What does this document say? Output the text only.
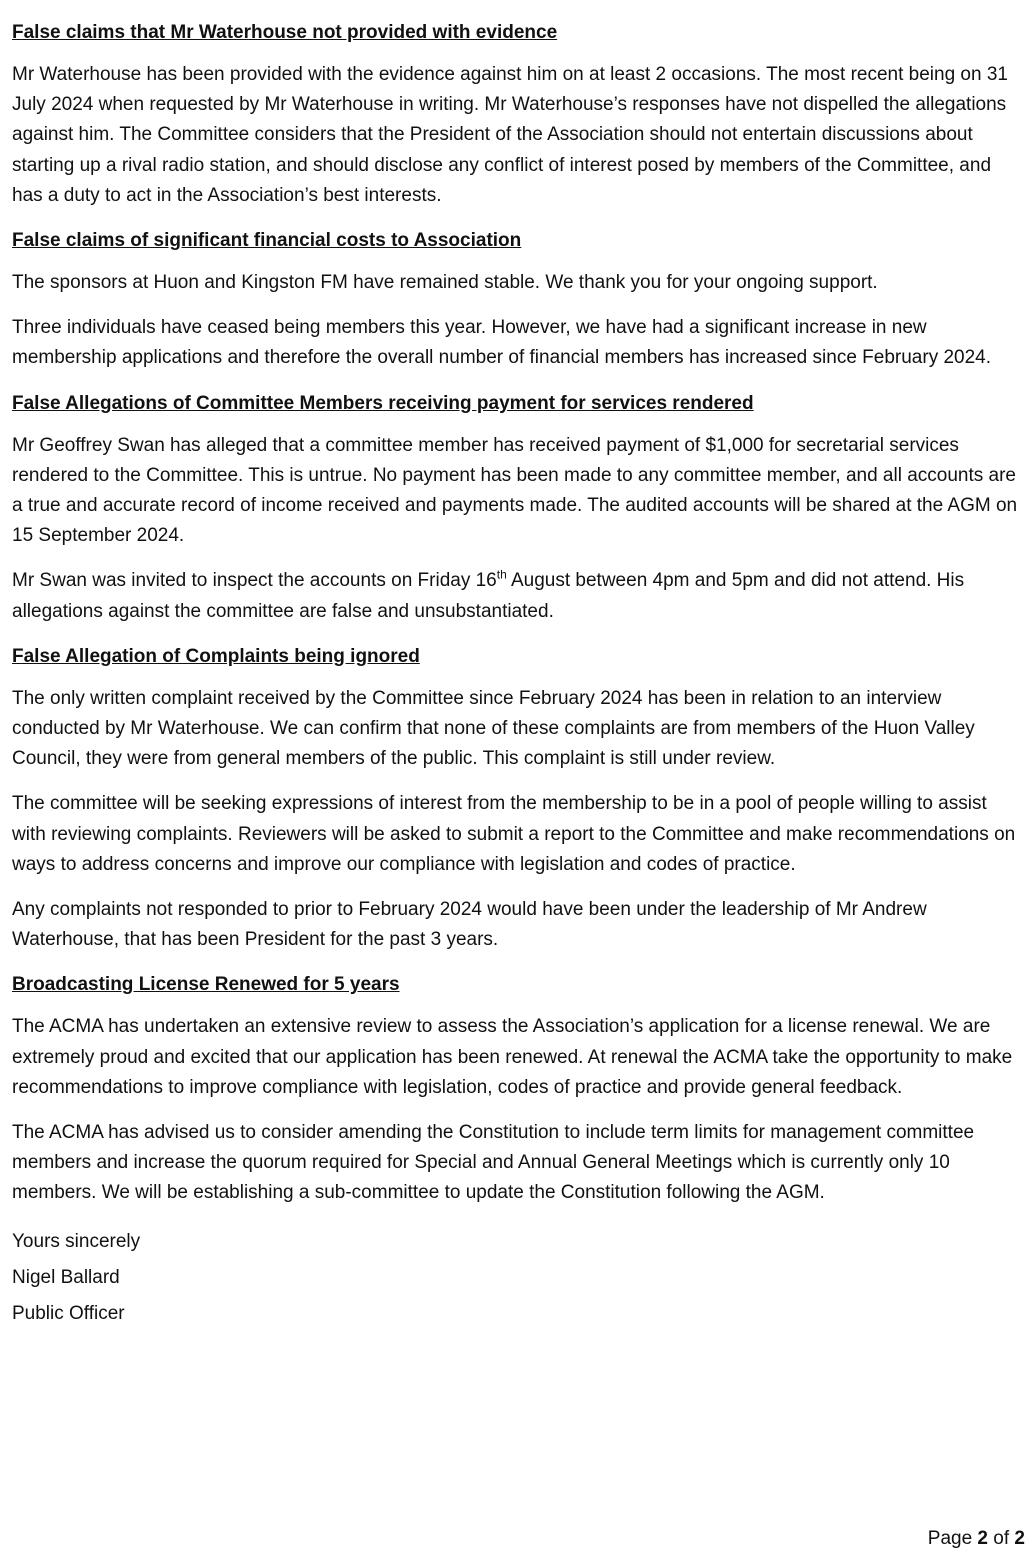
False claims that Mr Waterhouse not provided with evidence

Mr Waterhouse has been provided with the evidence against him on at least 2 occasions. The most recent being on 31 July 2024 when requested by Mr Waterhouse in writing. Mr Waterhouse’s responses have not dispelled the allegations against him. The Committee considers that the President of the Association should not entertain discussions about starting up a rival radio station, and should disclose any conflict of interest posed by members of the Committee, and has a duty to act in the Association’s best interests.

False claims of significant financial costs to Association

The sponsors at Huon and Kingston FM have remained stable. We thank you for your ongoing support.

Three individuals have ceased being members this year. However, we have had a significant increase in new membership applications and therefore the overall number of financial members has increased since February 2024.

False Allegations of Committee Members receiving payment for services rendered

Mr Geoffrey Swan has alleged that a committee member has received payment of $1,000 for secretarial services rendered to the Committee. This is untrue. No payment has been made to any committee member, and all accounts are a true and accurate record of income received and payments made. The audited accounts will be shared at the AGM on 15 September 2024.

Mr Swan was invited to inspect the accounts on Friday 16th August between 4pm and 5pm and did not attend. His allegations against the committee are false and unsubstantiated.

False Allegation of Complaints being ignored

The only written complaint received by the Committee since February 2024 has been in relation to an interview conducted by Mr Waterhouse. We can confirm that none of these complaints are from members of the Huon Valley Council, they were from general members of the public. This complaint is still under review.

The committee will be seeking expressions of interest from the membership to be in a pool of people willing to assist with reviewing complaints. Reviewers will be asked to submit a report to the Committee and make recommendations on ways to address concerns and improve our compliance with legislation and codes of practice.

Any complaints not responded to prior to February 2024 would have been under the leadership of Mr Andrew Waterhouse, that has been President for the past 3 years.

Broadcasting License Renewed for 5 years

The ACMA has undertaken an extensive review to assess the Association’s application for a license renewal. We are extremely proud and excited that our application has been renewed. At renewal the ACMA take the opportunity to make recommendations to improve compliance with legislation, codes of practice and provide general feedback.

The ACMA has advised us to consider amending the Constitution to include term limits for management committee members and increase the quorum required for Special and Annual General Meetings which is currently only 10 members. We will be establishing a sub-committee to update the Constitution following the AGM.

Yours sincerely
Nigel Ballard
Public Officer
Page 2 of 2
